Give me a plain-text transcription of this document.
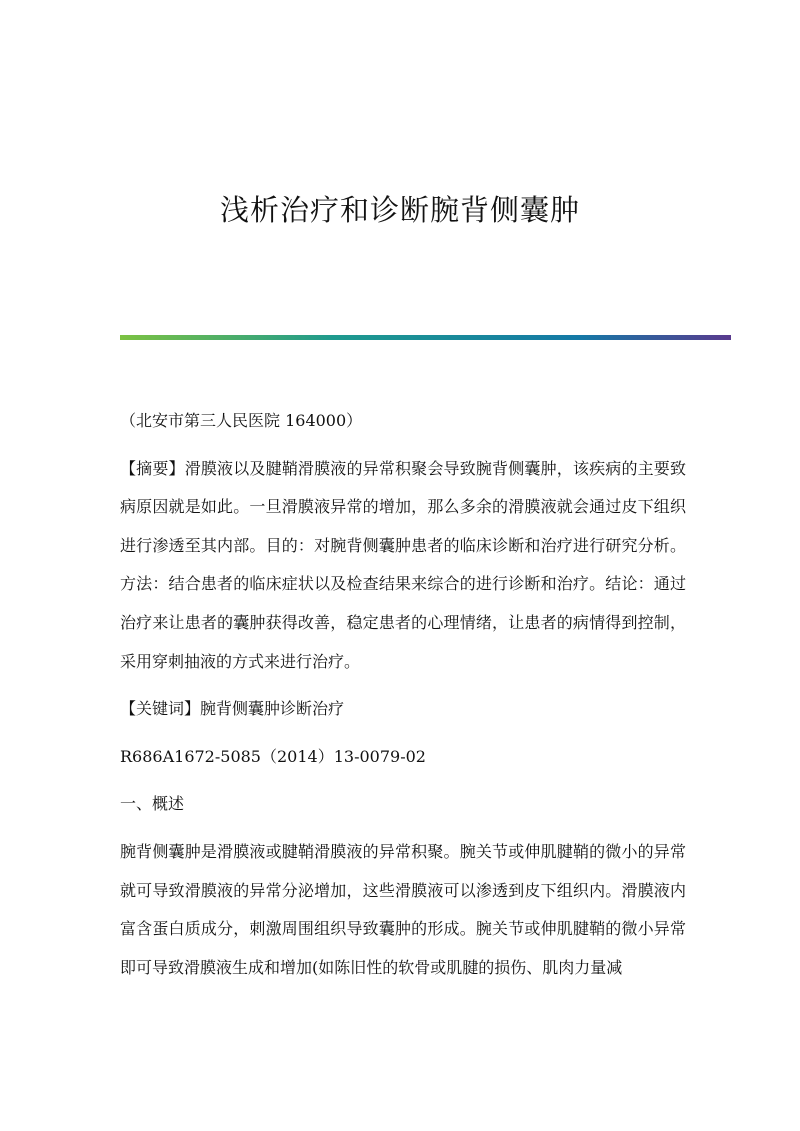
浅析治疗和诊断腕背侧囊肿

（北安市第三人民医院 164000）

【摘要】滑膜液以及腱鞘滑膜液的异常积聚会导致腕背侧囊肿，该疾病的主要致病原因就是如此。一旦滑膜液异常的增加，那么多余的滑膜液就会通过皮下组织进行渗透至其内部。目的：对腕背侧囊肿患者的临床诊断和治疗进行研究分析。方法：结合患者的临床症状以及检查结果来综合的进行诊断和治疗。结论：通过治疗来让患者的囊肿获得改善，稳定患者的心理情绪，让患者的病情得到控制，采用穿刺抽液的方式来进行治疗。

【关键词】腕背侧囊肿诊断治疗

R686A1672-5085（2014）13-0079-02

一、概述

腕背侧囊肿是滑膜液或腱鞘滑膜液的异常积聚。腕关节或伸肌腱鞘的微小的异常就可导致滑膜液的异常分泌增加，这些滑膜液可以渗透到皮下组织内。滑膜液内富含蛋白质成分，刺激周围组织导致囊肿的形成。腕关节或伸肌腱鞘的微小异常即可导致滑膜液生成和增加(如陈旧性的软骨或肌腱的损伤、肌肉力量减
